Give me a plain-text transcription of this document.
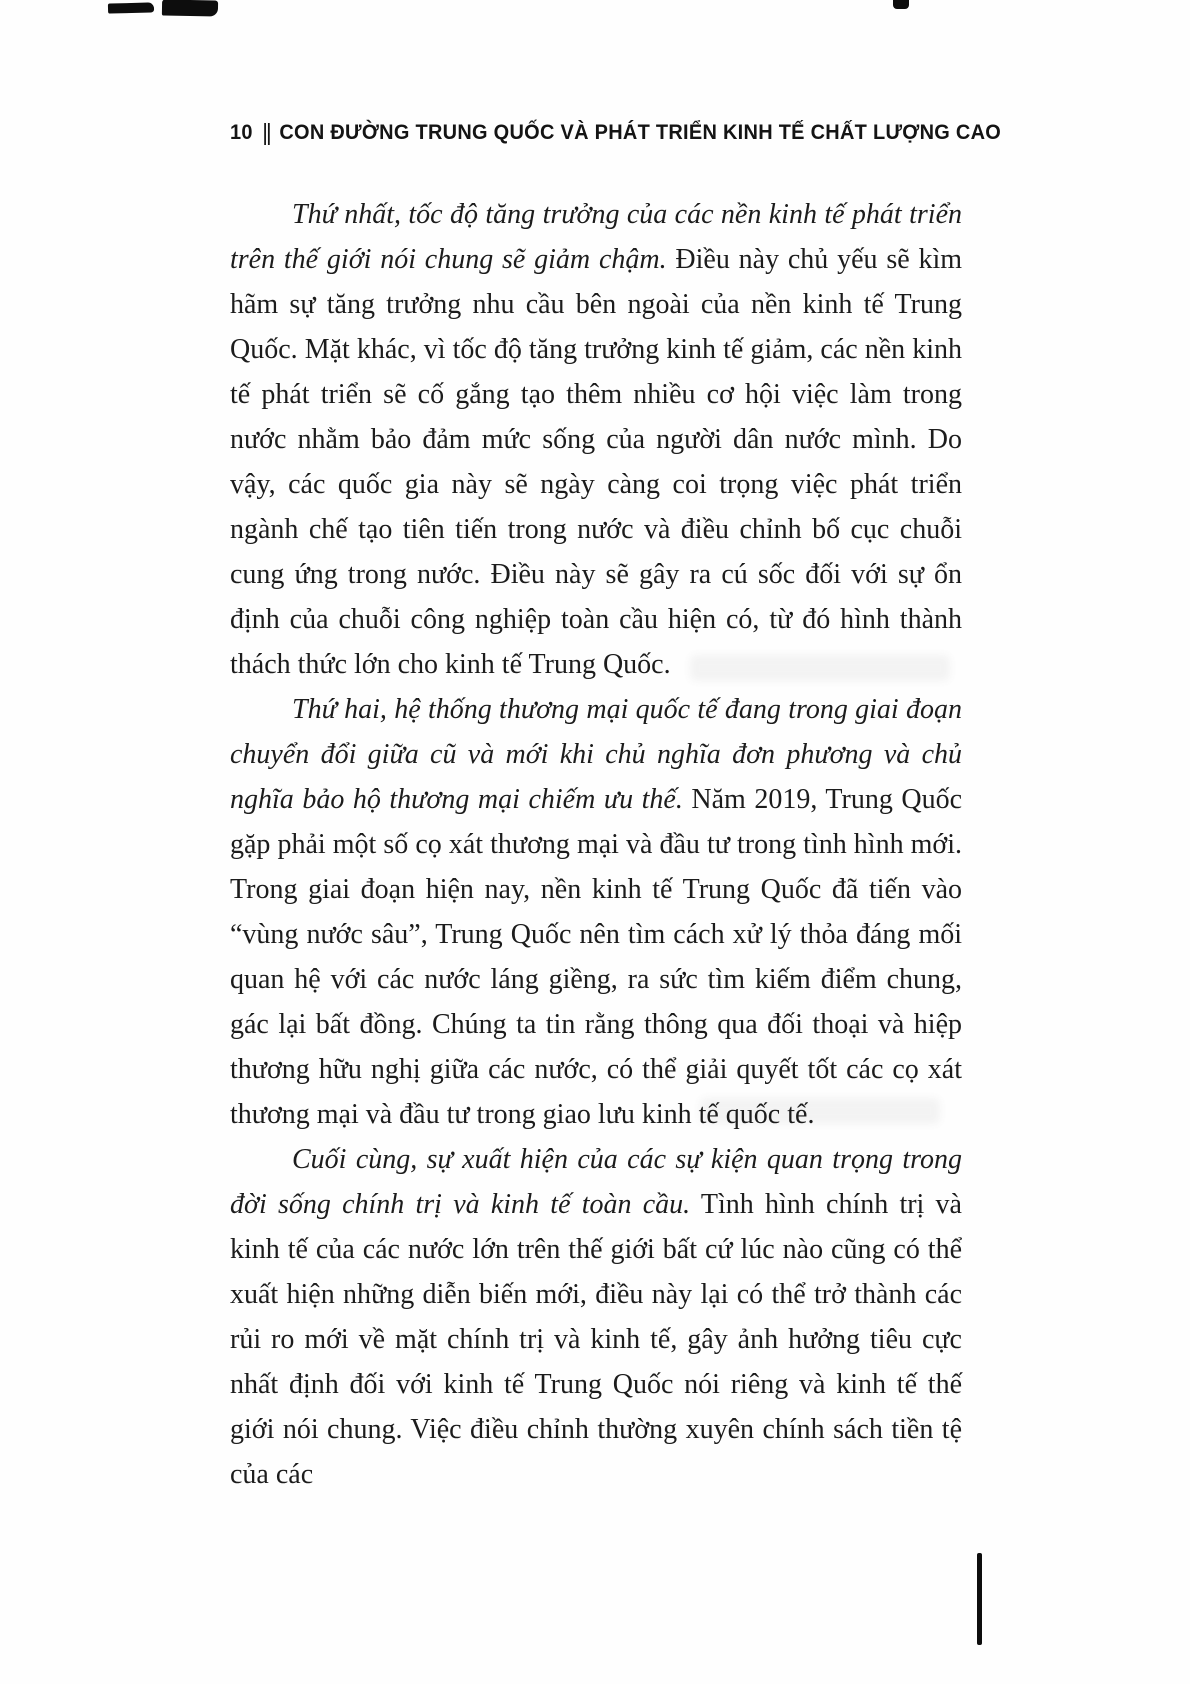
10 || CON ĐƯỜNG TRUNG QUỐC VÀ PHÁT TRIỂN KINH TẾ CHẤT LƯỢNG CAO

Thứ nhất, tốc độ tăng trưởng của các nền kinh tế phát triển trên thế giới nói chung sẽ giảm chậm. Điều này chủ yếu sẽ kìm hãm sự tăng trưởng nhu cầu bên ngoài của nền kinh tế Trung Quốc. Mặt khác, vì tốc độ tăng trưởng kinh tế giảm, các nền kinh tế phát triển sẽ cố gắng tạo thêm nhiều cơ hội việc làm trong nước nhằm bảo đảm mức sống của người dân nước mình. Do vậy, các quốc gia này sẽ ngày càng coi trọng việc phát triển ngành chế tạo tiên tiến trong nước và điều chỉnh bố cục chuỗi cung ứng trong nước. Điều này sẽ gây ra cú sốc đối với sự ổn định của chuỗi công nghiệp toàn cầu hiện có, từ đó hình thành thách thức lớn cho kinh tế Trung Quốc.

Thứ hai, hệ thống thương mại quốc tế đang trong giai đoạn chuyển đổi giữa cũ và mới khi chủ nghĩa đơn phương và chủ nghĩa bảo hộ thương mại chiếm ưu thế. Năm 2019, Trung Quốc gặp phải một số cọ xát thương mại và đầu tư trong tình hình mới. Trong giai đoạn hiện nay, nền kinh tế Trung Quốc đã tiến vào “vùng nước sâu”, Trung Quốc nên tìm cách xử lý thỏa đáng mối quan hệ với các nước láng giềng, ra sức tìm kiếm điểm chung, gác lại bất đồng. Chúng ta tin rằng thông qua đối thoại và hiệp thương hữu nghị giữa các nước, có thể giải quyết tốt các cọ xát thương mại và đầu tư trong giao lưu kinh tế quốc tế.

Cuối cùng, sự xuất hiện của các sự kiện quan trọng trong đời sống chính trị và kinh tế toàn cầu. Tình hình chính trị và kinh tế của các nước lớn trên thế giới bất cứ lúc nào cũng có thể xuất hiện những diễn biến mới, điều này lại có thể trở thành các rủi ro mới về mặt chính trị và kinh tế, gây ảnh hưởng tiêu cực nhất định đối với kinh tế Trung Quốc nói riêng và kinh tế thế giới nói chung. Việc điều chỉnh thường xuyên chính sách tiền tệ của các
